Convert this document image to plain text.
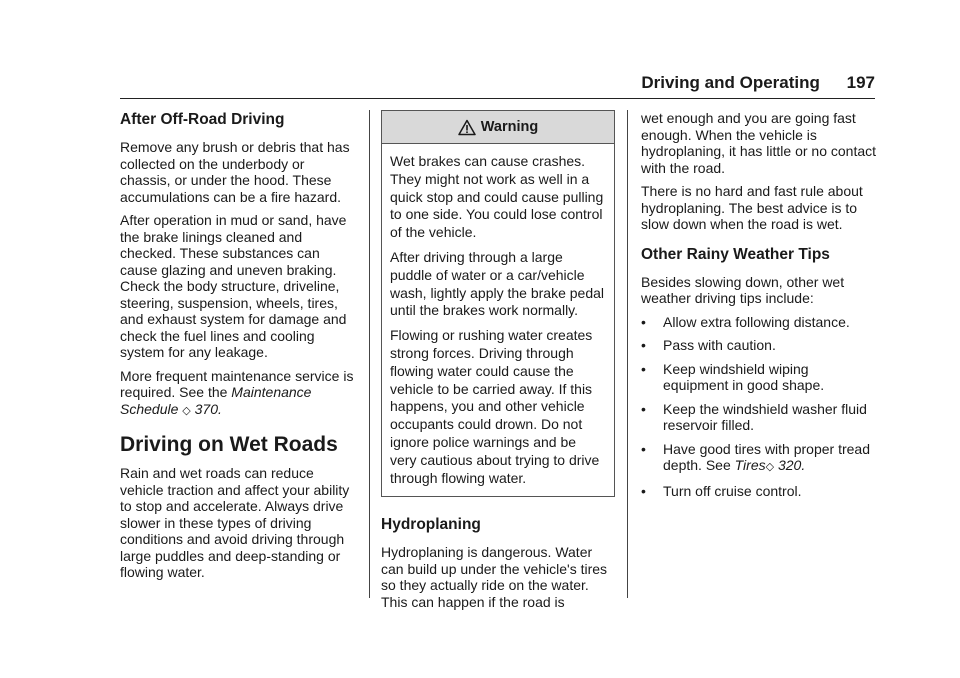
Driving and Operating 197
After Off-Road Driving

Remove any brush or debris that has collected on the underbody or chassis, or under the hood. These accumulations can be a fire hazard.

After operation in mud or sand, have the brake linings cleaned and checked. These substances can cause glazing and uneven braking. Check the body structure, driveline, steering, suspension, wheels, tires, and exhaust system for damage and check the fuel lines and cooling system for any leakage.

More frequent maintenance service is required. See the Maintenance Schedule ◇ 370.

Driving on Wet Roads

Rain and wet roads can reduce vehicle traction and affect your ability to stop and accelerate. Always drive slower in these types of driving conditions and avoid driving through large puddles and deep-standing or flowing water.

Warning

Wet brakes can cause crashes. They might not work as well in a quick stop and could cause pulling to one side. You could lose control of the vehicle.

After driving through a large puddle of water or a car/vehicle wash, lightly apply the brake pedal until the brakes work normally.

Flowing or rushing water creates strong forces. Driving through flowing water could cause the vehicle to be carried away. If this happens, you and other vehicle occupants could drown. Do not ignore police warnings and be very cautious about trying to drive through flowing water.

Hydroplaning

Hydroplaning is dangerous. Water can build up under the vehicle's tires so they actually ride on the water. This can happen if the road is

wet enough and you are going fast enough. When the vehicle is hydroplaning, it has little or no contact with the road.

There is no hard and fast rule about hydroplaning. The best advice is to slow down when the road is wet.

Other Rainy Weather Tips

Besides slowing down, other wet weather driving tips include:

• Allow extra following distance.
• Pass with caution.
• Keep windshield wiping equipment in good shape.
• Keep the windshield washer fluid reservoir filled.
• Have good tires with proper tread depth. See Tires◇ 320.
• Turn off cruise control.
